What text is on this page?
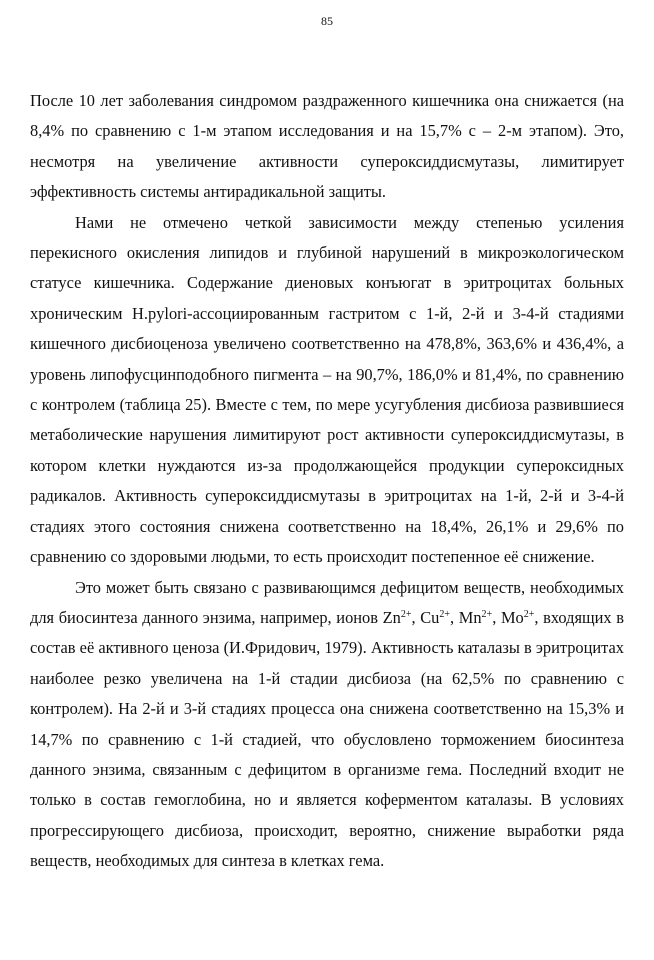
85

После 10 лет заболевания синдромом раздраженного кишечника она снижается (на 8,4% по сравнению с 1-м этапом исследования и на 15,7% с – 2-м этапом). Это, несмотря на увеличение активности супероксиддисмутазы, лимитирует эффективность системы антирадикальной защиты.

Нами не отмечено четкой зависимости между степенью усиления перекисного окисления липидов и глубиной нарушений в микроэкологическом статусе кишечника. Содержание диеновых конъюгат в эритроцитах больных хроническим H.pylori-ассоциированным гастритом с 1-й, 2-й и 3-4-й стадиями кишечного дисбиоценоза увеличено соответственно на 478,8%, 363,6% и 436,4%, а уровень липофусцинподобного пигмента – на 90,7%, 186,0% и 81,4%, по сравнению с контролем (таблица 25). Вместе с тем, по мере усугубления дисбиоза развившиеся метаболические нарушения лимитируют рост активности супероксиддисмутазы, в котором клетки нуждаются из-за продолжающейся продукции супероксидных радикалов. Активность супероксиддисмутазы в эритроцитах на 1-й, 2-й и 3-4-й стадиях этого состояния снижена соответственно на 18,4%, 26,1% и 29,6% по сравнению со здоровыми людьми, то есть происходит постепенное её снижение.

Это может быть связано с развивающимся дефицитом веществ, необходимых для биосинтеза данного энзима, например, ионов $Zn^{2+}$, $Cu^{2+}$, $Mn^{2+}$, $Mo^{2+}$, входящих в состав её активного ценоза (И.Фридович, 1979). Активность каталазы в эритроцитах наиболее резко увеличена на 1-й стадии дисбиоза (на 62,5% по сравнению с контролем). На 2-й и 3-й стадиях процесса она снижена соответственно на 15,3% и 14,7% по сравнению с 1-й стадией, что обусловлено торможением биосинтеза данного энзима, связанным с дефицитом в организме гема. Последний входит не только в состав гемоглобина, но и является коферментом каталазы. В условиях прогрессирующего дисбиоза, происходит, вероятно, снижение выработки ряда веществ, необходимых для синтеза в клетках гема.
